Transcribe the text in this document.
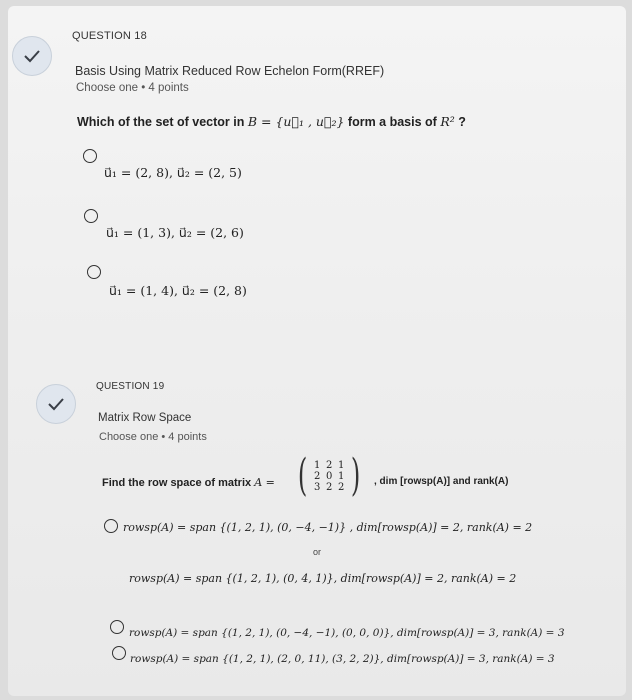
QUESTION 18
Basis Using Matrix Reduced Row Echelon Form(RREF)
Choose one • 4 points
Which of the set of vector in B = {u⃗₁ , u⃗₂} form a basis of R² ?
u⃗₁ = (2, 8), u⃗₂ = (2, 5)
u⃗₁ = (1, 3), u⃗₂ = (2, 6)
u⃗₁ = (1, 4), u⃗₂ = (2, 8)
QUESTION 19
Matrix Row Space
Choose one • 4 points
Find the row space of matrix A = ( 1 2 1
2 0 1
3 2 2 ) , dim [rowsp(A)] and rank(A)
rowsp(A) = span {(1, 2, 1), (0, −4, −1)} , dim[rowsp(A)] = 2, rank(A) = 2
or
rowsp(A) = span {(1, 2, 1), (0, 4, 1)}, dim[rowsp(A)] = 2, rank(A) = 2
rowsp(A) = span {(1, 2, 1), (0, −4, −1), (0, 0, 0)}, dim[rowsp(A)] = 3, rank(A) = 3
rowsp(A) = span {(1, 2, 1), (2, 0, 11), (3, 2, 2)}, dim[rowsp(A)] = 3, rank(A) = 3
